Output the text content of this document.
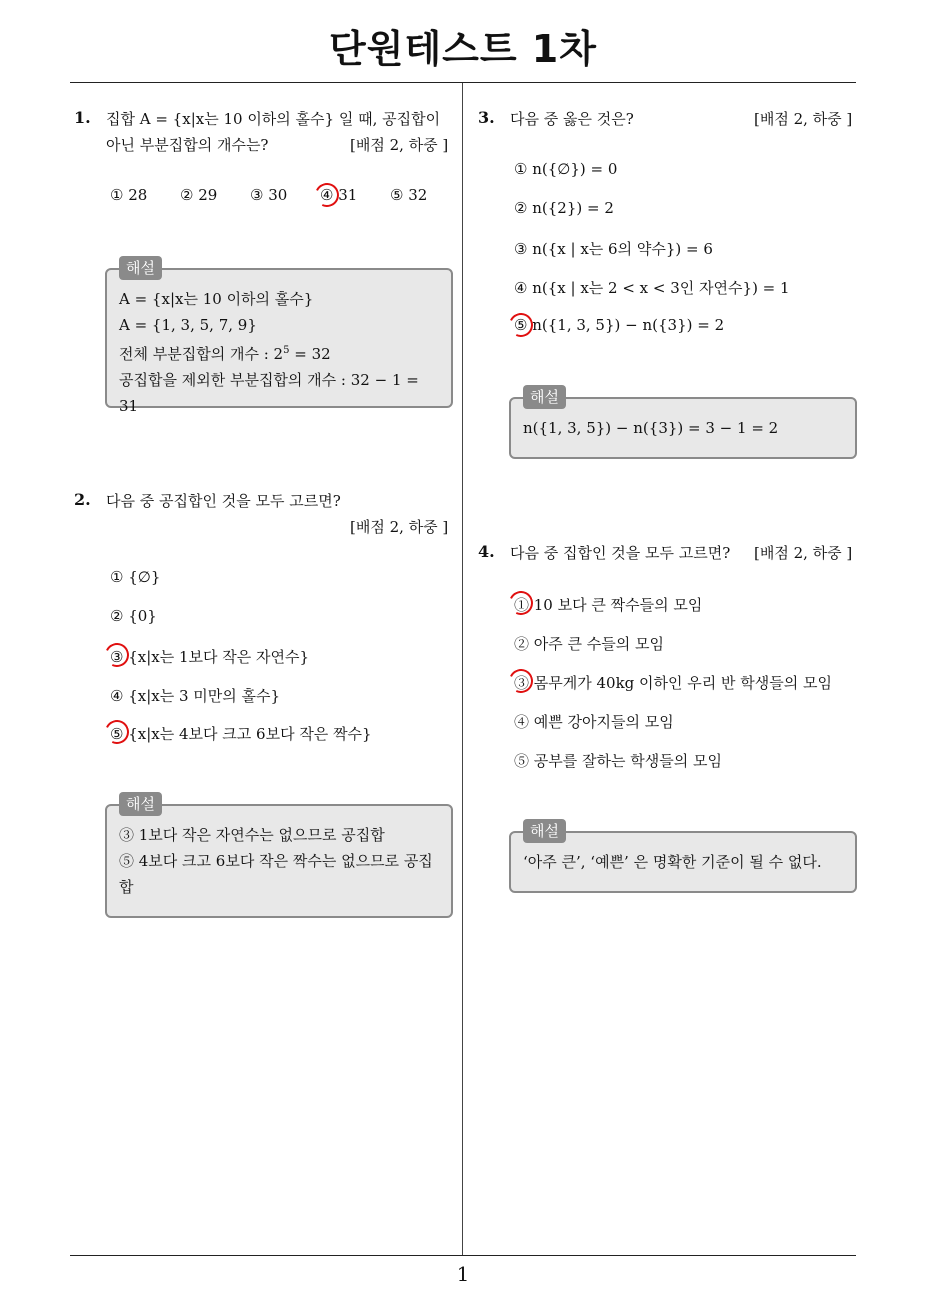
단원테스트 1차
1. 집합 A = {x|x는 10 이하의 홀수} 일 때, 공집합이
아닌 부분집합의 개수는?	[배점 2, 하중 ]
① 28 ② 29 ③ 30 ④ 31 ⑤ 32
해설
A = {x|x는 10 이하의 홀수}
A = {1, 3, 5, 7, 9}
전체 부분집합의 개수 : $2^5 = 32$
공집합을 제외한 부분집합의 개수 : 32 − 1 = 31
2. 다음 중 공집합인 것을 모두 고르면?
[배점 2, 하중 ]
① {∅}
② {0}
③ {x|x는 1보다 작은 자연수}
④ {x|x는 3 미만의 홀수}
⑤ {x|x는 4보다 크고 6보다 작은 짝수}
해설
③ 1보다 작은 자연수는 없으므로 공집합
⑤ 4보다 크고 6보다 작은 짝수는 없으므로 공집
합
3. 다음 중 옳은 것은?	[배점 2, 하중 ]
① n({∅}) = 0
② n({2}) = 2
③ n({x | x는 6의 약수}) = 6
④ n({x | x는 2 < x < 3인 자연수}) = 1
⑤ n({1, 3, 5}) − n({3}) = 2
해설
n({1, 3, 5}) − n({3}) = 3 − 1 = 2
4. 다음 중 집합인 것을 모두 고르면? [배점 2, 하중 ]
① 10 보다 큰 짝수들의 모임
② 아주 큰 수들의 모임
③ 몸무게가 40kg 이하인 우리 반 학생들의 모임
④ 예쁜 강아지들의 모임
⑤ 공부를 잘하는 학생들의 모임
해설
‘아주 큰’, ‘예쁜’ 은 명확한 기준이 될 수 없다.
1
